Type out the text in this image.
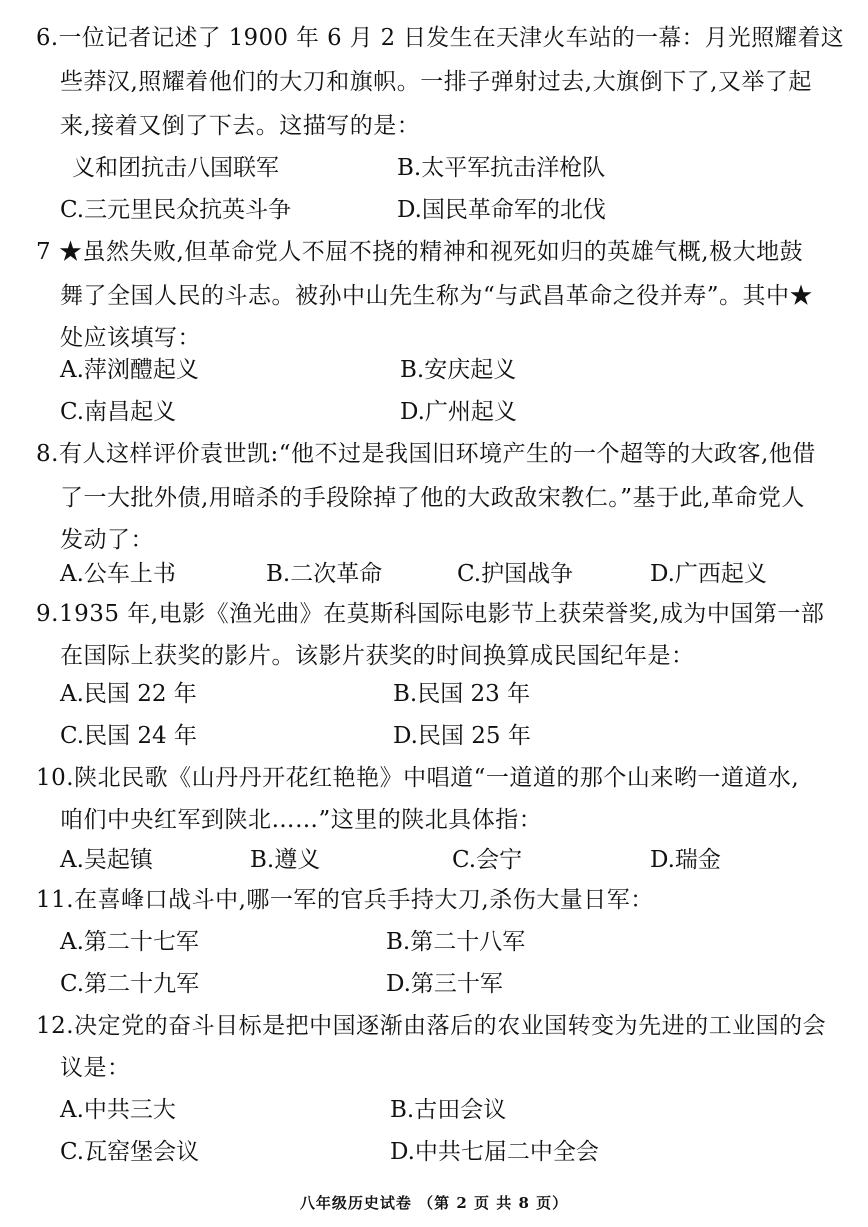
6.一位记者记述了 1900 年 6 月 2 日发生在天津火车站的一幕：月光照耀着这
些莽汉,照耀着他们的大刀和旗帜。一排子弹射过去,大旗倒下了,又举了起
来,接着又倒了下去。这描写的是：
义和团抗击八国联军	B.太平军抗击洋枪队
C.三元里民众抗英斗争	D.国民革命军的北伐
7 ★虽然失败,但革命党人不屈不挠的精神和视死如归的英雄气概,极大地鼓
舞了全国人民的斗志。被孙中山先生称为“与武昌革命之役并寿”。其中★
处应该填写：
A.萍浏醴起义	B.安庆起义
C.南昌起义	D.广州起义
8.有人这样评价袁世凯:“他不过是我国旧环境产生的一个超等的大政客,他借
了一大批外债,用暗杀的手段除掉了他的大政敌宋教仁。”基于此,革命党人
发动了：
A.公车上书	B.二次革命	C.护国战争	D.广西起义
9.1935 年,电影《渔光曲》在莫斯科国际电影节上获荣誉奖,成为中国第一部
在国际上获奖的影片。该影片获奖的时间换算成民国纪年是：
A.民国 22 年	B.民国 23 年
C.民国 24 年	D.民国 25 年
10.陕北民歌《山丹丹开花红艳艳》中唱道“一道道的那个山来哟一道道水,
咱们中央红军到陕北……”这里的陕北具体指：
A.吴起镇	B.遵义	C.会宁	D.瑞金
11.在喜峰口战斗中,哪一军的官兵手持大刀,杀伤大量日军：
A.第二十七军	B.第二十八军
C.第二十九军	D.第三十军
12.决定党的奋斗目标是把中国逐渐由落后的农业国转变为先进的工业国的会
议是：
A.中共三大	B.古田会议
C.瓦窑堡会议	D.中共七届二中全会
八年级历史试卷 （第 2 页 共 8 页）
